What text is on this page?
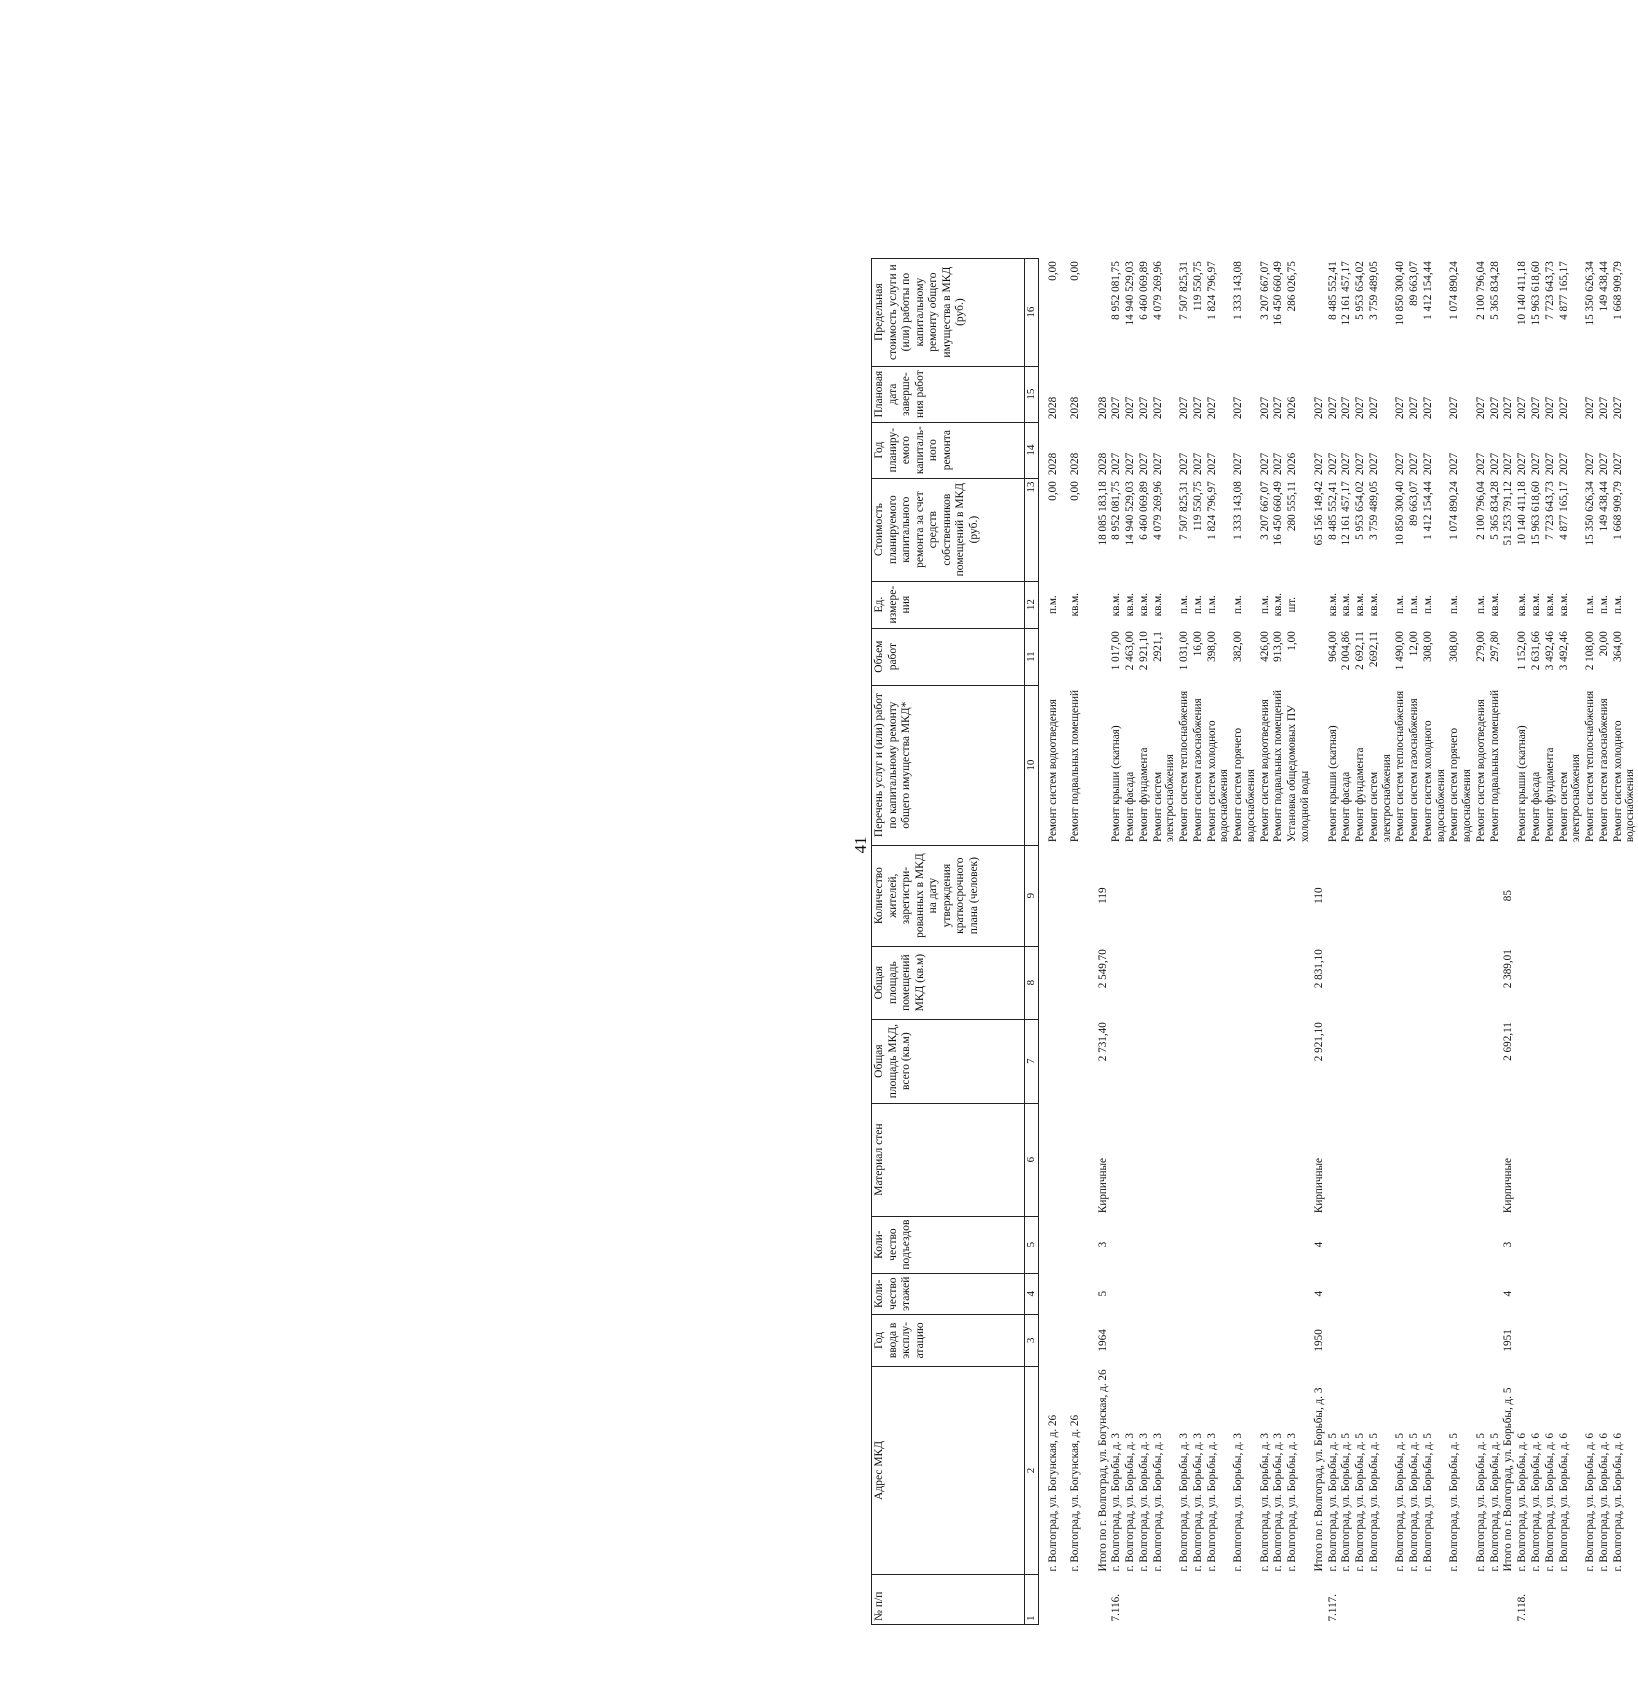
41
№ п/п	Адрес МКД	Год ввода в эксплу-атацию	Коли-чество этажей	Коли-чество подъездов	Материал стен	Общая площадь МКД, всего (кв.м)	Общая площадь помещений МКД (кв.м)	Количество жителей, зарегистри-рованных в МКД на дату утверждения краткосрочного плана (человек)	Перечень услуг и (или) работ по капитальному ремонту общего имущества МКД*	Объем работ	Ед. измере-ния	Стоимость планируемого капитального ремонта за счет средств собственников помещений в МКД (руб.)	Год планиру-емого капиталь-ного ремонта	Плановая дата заверше-ния работ	Предельная стоимость услуги и (или) работы по капитальному ремонту общего имущества в МКД (руб.)
1	2	3	4	5	6	7	8	9	10	11	12	13	14	15	16
	г. Волгоград, ул. Богунская, д. 26								Ремонт систем водоотведения		п.м.	0,00	2028	2028	0,00
	г. Волгоград, ул. Богунская, д. 26								Ремонт подвальных помещений		кв.м.	0,00	2028	2028	0,00
	Итого по г. Волгоград, ул. Богунская, д. 26	1964	5	3	Кирпичные	2 731,40	2 549,70	119				18 085 183,18	2028	2028	
7.116.	г. Волгоград, ул. Борьбы, д. 3								Ремонт крыши (скатная)	1 017,00	кв.м.	8 952 081,75	2027	2027	8 952 081,75
	г. Волгоград, ул. Борьбы, д. 3								Ремонт фасада	2 463,00	кв.м.	14 940 529,03	2027	2027	14 940 529,03
	г. Волгоград, ул. Борьбы, д. 3								Ремонт фундамента	2 921,10	кв.м.	6 460 069,89	2027	2027	6 460 069,89
	г. Волгоград, ул. Борьбы, д. 3								Ремонт систем электроснабжения	2921,1	кв.м.	4 079 269,96	2027	2027	4 079 269,96
	г. Волгоград, ул. Борьбы, д. 3								Ремонт систем теплоснабжения	1 031,00	п.м.	7 507 825,31	2027	2027	7 507 825,31
	г. Волгоград, ул. Борьбы, д. 3								Ремонт систем газоснабжения	16,00	п.м.	119 550,75	2027	2027	119 550,75
	г. Волгоград, ул. Борьбы, д. 3								Ремонт систем холодного водоснабжения	398,00	п.м.	1 824 796,97	2027	2027	1 824 796,97
	г. Волгоград, ул. Борьбы, д. 3								Ремонт систем горячего водоснабжения	382,00	п.м.	1 333 143,08	2027	2027	1 333 143,08
	г. Волгоград, ул. Борьбы, д. 3								Ремонт систем водоотведения	426,00	п.м.	3 207 667,07	2027	2027	3 207 667,07
	г. Волгоград, ул. Борьбы, д. 3								Ремонт подвальных помещений	913,00	кв.м.	16 450 660,49	2027	2027	16 450 660,49
	г. Волгоград, ул. Борьбы, д. 3								Установка общедомовых ПУ холодной воды	1,00	шт.	280 555,11	2026	2026	286 026,75
	Итого по г. Волгоград, ул. Борьбы, д. 3	1950	4	4	Кирпичные	2 921,10	2 831,10	110				65 156 149,42	2027	2027	
7.117.	г. Волгоград, ул. Борьбы, д. 5								Ремонт крыши (скатная)	964,00	кв.м.	8 485 552,41	2027	2027	8 485 552,41
	г. Волгоград, ул. Борьбы, д. 5								Ремонт фасада	2 004,86	кв.м.	12 161 457,17	2027	2027	12 161 457,17
	г. Волгоград, ул. Борьбы, д. 5								Ремонт фундамента	2 692,11	кв.м.	5 953 654,02	2027	2027	5 953 654,02
	г. Волгоград, ул. Борьбы, д. 5								Ремонт систем электроснабжения	2692,11	кв.м.	3 759 489,05	2027	2027	3 759 489,05
	г. Волгоград, ул. Борьбы, д. 5								Ремонт систем теплоснабжения	1 490,00	п.м.	10 850 300,40	2027	2027	10 850 300,40
	г. Волгоград, ул. Борьбы, д. 5								Ремонт систем газоснабжения	12,00	п.м.	89 663,07	2027	2027	89 663,07
	г. Волгоград, ул. Борьбы, д. 5								Ремонт систем холодного водоснабжения	308,00	п.м.	1 412 154,44	2027	2027	1 412 154,44
	г. Волгоград, ул. Борьбы, д. 5								Ремонт систем горячего водоснабжения	308,00	п.м.	1 074 890,24	2027	2027	1 074 890,24
	г. Волгоград, ул. Борьбы, д. 5								Ремонт систем водоотведения	279,00	п.м.	2 100 796,04	2027	2027	2 100 796,04
	г. Волгоград, ул. Борьбы, д. 5								Ремонт подвальных помещений	297,80	кв.м.	5 365 834,28	2027	2027	5 365 834,28
	Итого по г. Волгоград, ул. Борьбы, д. 5	1951	4	3	Кирпичные	2 692,11	2 389,01	85				51 253 791,12	2027	2027	
7.118.	г. Волгоград, ул. Борьбы, д. 6								Ремонт крыши (скатная)	1 152,00	кв.м.	10 140 411,18	2027	2027	10 140 411,18
	г. Волгоград, ул. Борьбы, д. 6								Ремонт фасада	2 631,66	кв.м.	15 963 618,60	2027	2027	15 963 618,60
	г. Волгоград, ул. Борьбы, д. 6								Ремонт фундамента	3 492,46	кв.м.	7 723 643,73	2027	2027	7 723 643,73
	г. Волгоград, ул. Борьбы, д. 6								Ремонт систем электроснабжения	3 492,46	кв.м.	4 877 165,17	2027	2027	4 877 165,17
	г. Волгоград, ул. Борьбы, д. 6								Ремонт систем теплоснабжения	2 108,00	п.м.	15 350 626,34	2027	2027	15 350 626,34
	г. Волгоград, ул. Борьбы, д. 6								Ремонт систем газоснабжения	20,00	п.м.	149 438,44	2027	2027	149 438,44
	г. Волгоград, ул. Борьбы, д. 6								Ремонт систем холодного водоснабжения	364,00	п.м.	1 668 909,79	2027	2027	1 668 909,79
